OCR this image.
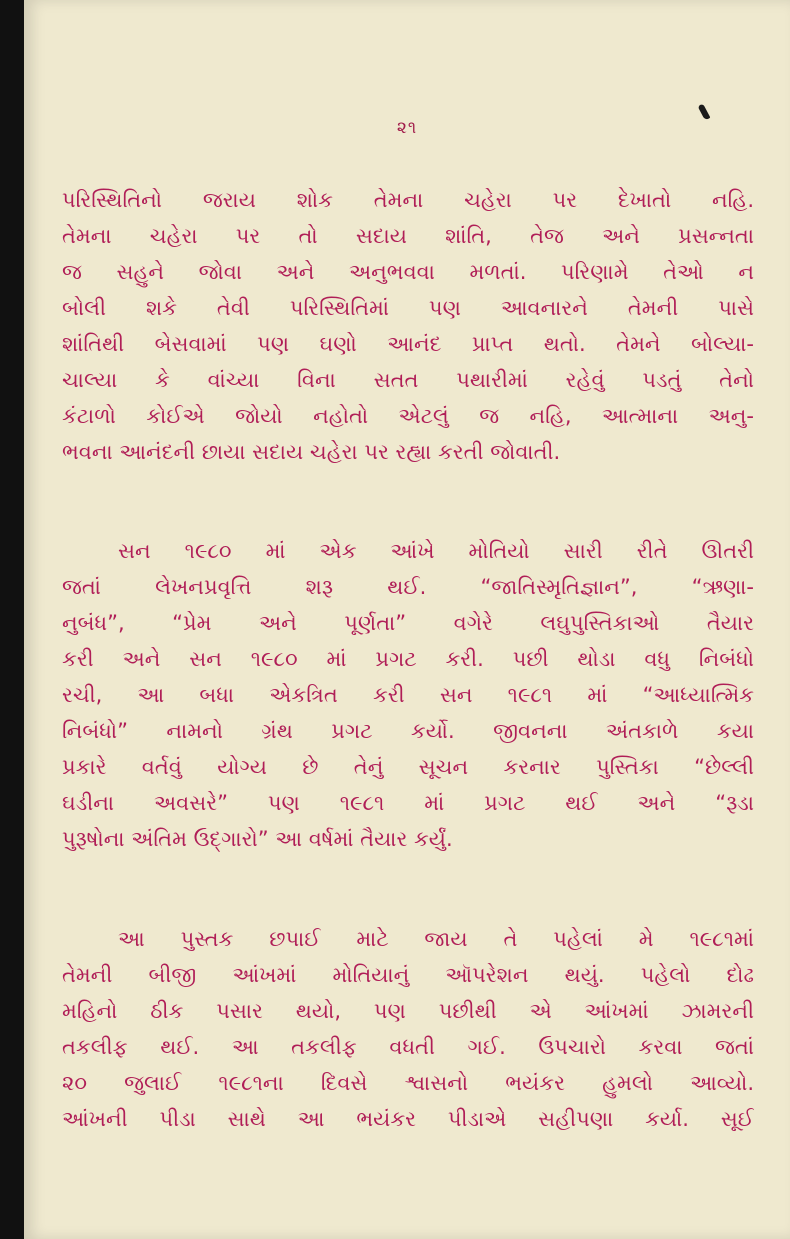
૨૧
પરિસ્થિતિનો જરાય શોક તેમના ચહેરા પર દેખાતો નહિ.
તેમના ચહેરા પર તો સદાય શાંતિ, તેજ અને પ્રસન્નતા
જ સહુને જોવા અને અનુભવવા મળતાં. પરિણામે તેઓ ન
બોલી શકે તેવી પરિસ્થિતિમાં પણ આવનારને તેમની પાસે
શાંતિથી બેસવામાં પણ ઘણો આનંદ પ્રાપ્ત થતો. તેમને બોલ્યા-
ચાલ્યા કે વાંચ્યા વિના સતત પથારીમાં રહેવું પડતું તેનો
કંટાળો કોઈએ જોયો નહોતો એટલું જ નહિ, આત્માના અનુ-
ભવના આનંદની છાયા સદાય ચહેરા પર રહ્યા કરતી જોવાતી.
સન ૧૯૮૦ માં એક આંખે મોતિયો સારી રીતે ઊતરી
જતાં લેખનપ્રવૃત્તિ શરૂ થઈ. “જાતિસ્મૃતિજ્ઞાન”, “ઋણા-
નુબંધ”, “પ્રેમ અને પૂર્ણતા” વગેરે લઘુપુસ્તિકાઓ તૈયાર
કરી અને સન ૧૯૮૦ માં પ્રગટ કરી. પછી થોડા વધુ નિબંધો
રચી, આ બધા એકત્રિત કરી સન ૧૯૮૧ માં “આધ્યાત્મિક
નિબંધો” નામનો ગ્રંથ પ્રગટ કર્યો. જીવનના અંતકાળે કયા
પ્રકારે વર્તવું યોગ્ય છે તેનું સૂચન કરનાર પુસ્તિકા “છેલ્લી
ઘડીના અવસરે” પણ ૧૯૮૧ માં પ્રગટ થઈ અને “રૂડા
પુરૂષોના અંતિમ ઉદ્ગારો” આ વર્ષમાં તૈયાર કર્યું.
આ પુસ્તક છપાઈ માટે જાય તે પહેલાં મે ૧૯૮૧માં
તેમની બીજી આંખમાં મોતિયાનું ઑપરેશન થયું. પહેલો દોઢ
મહિનો ઠીક પસાર થયો, પણ પછીથી એ આંખમાં ઝામરની
તકલીફ થઈ. આ તકલીફ વધતી ગઈ. ઉપચારો કરવા જતાં
૨૦ જુલાઈ ૧૯૮૧ના દિવસે શ્વાસનો ભયંકર હુમલો આવ્યો.
આંખની પીડા સાથે આ ભયંકર પીડાએ સહીપણા કર્યા. સૂઈ
